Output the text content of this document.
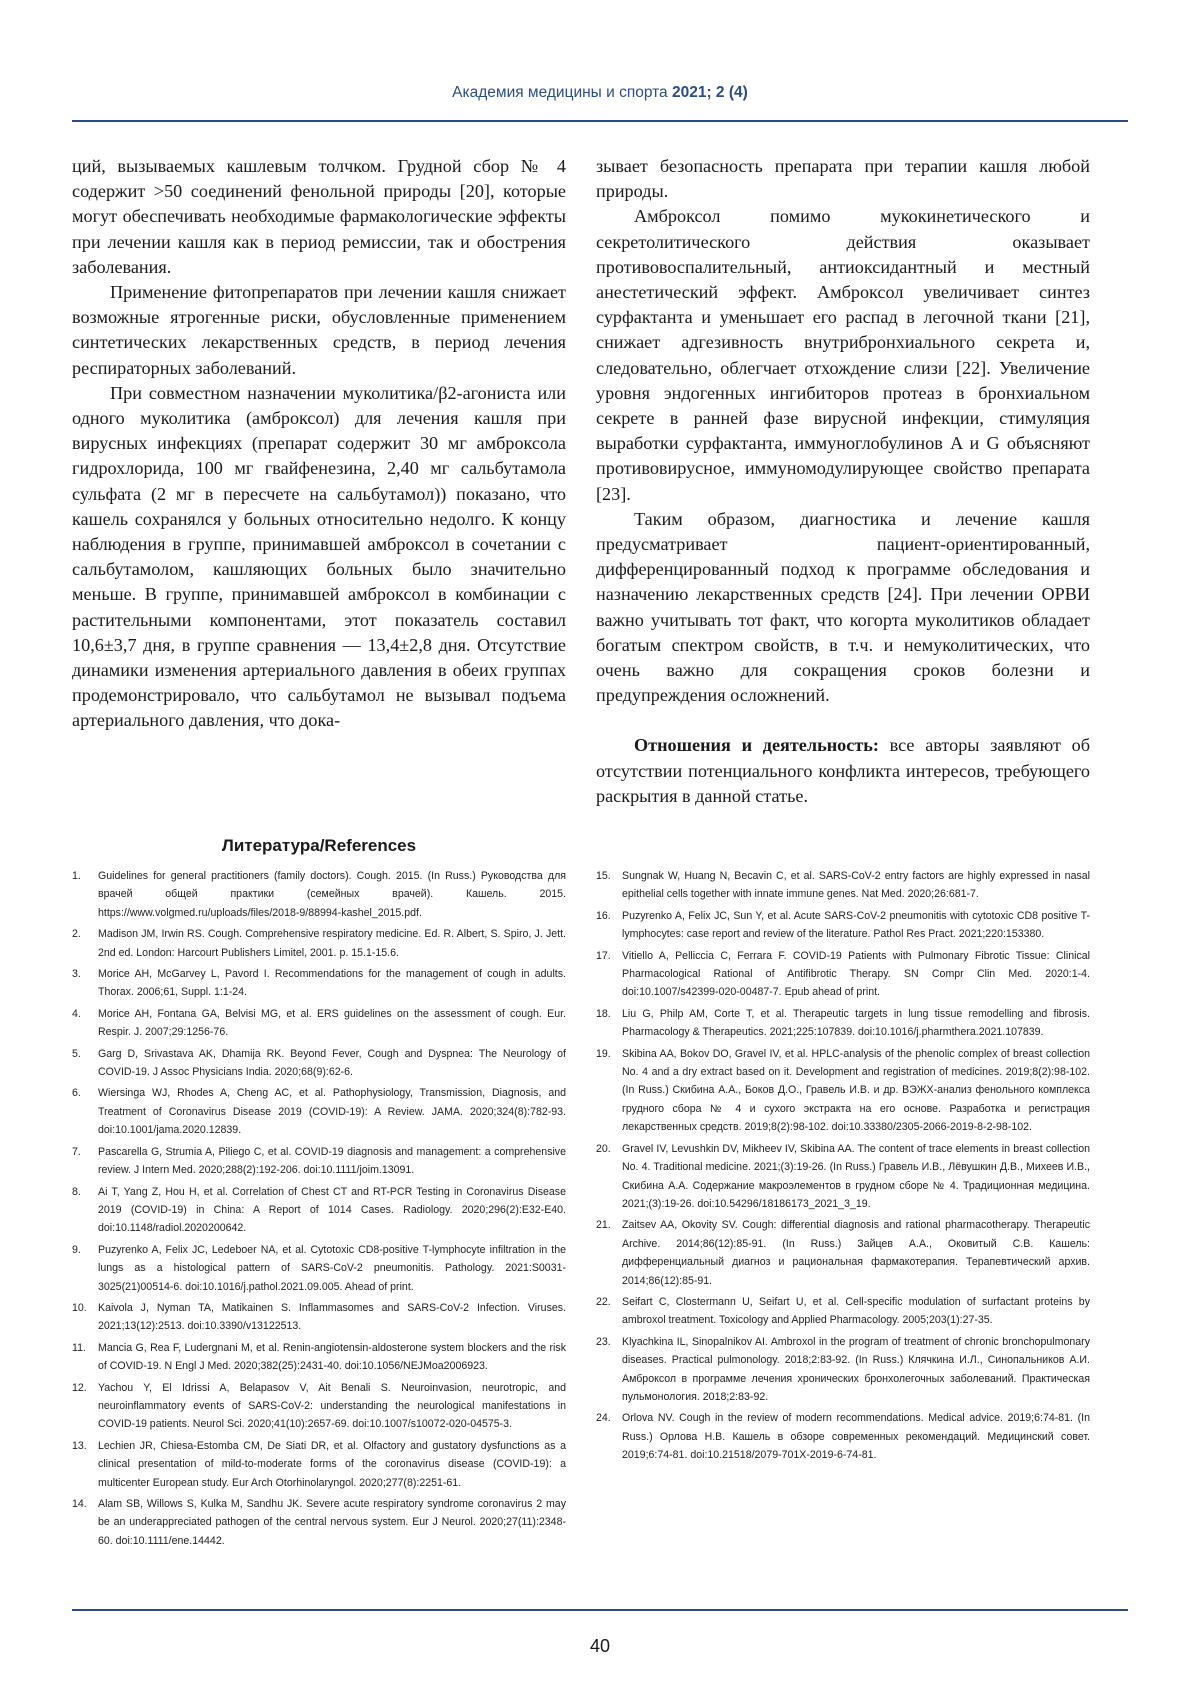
Академия медицины и спорта 2021; 2 (4)

ций, вызываемых кашлевым толчком. Грудной сбор № 4 содержит >50 соединений фенольной природы [20], которые могут обеспечивать необходимые фармакологические эффекты при лечении кашля как в период ремиссии, так и обострения заболевания.

Применение фитопрепаратов при лечении кашля снижает возможные ятрогенные риски, обусловленные применением синтетических лекарственных средств, в период лечения респираторных заболеваний.

При совместном назначении муколитика/β2-агониста или одного муколитика (амброксол) для лечения кашля при вирусных инфекциях (препарат содержит 30 мг амброксола гидрохлорида, 100 мг гвайфенезина, 2,40 мг сальбутамола сульфата (2 мг в пересчете на сальбутамол)) показано, что кашель сохранялся у больных относительно недолго. К концу наблюдения в группе, принимавшей амброксол в сочетании с сальбутамолом, кашляющих больных было значительно меньше. В группе, принимавшей амброксол в комбинации с растительными компонентами, этот показатель составил 10,6±3,7 дня, в группе сравнения — 13,4±2,8 дня. Отсутствие динамики изменения артериального давления в обеих группах продемонстрировало, что сальбутамол не вызывал подъема артериального давления, что дока-

зывает безопасность препарата при терапии кашля любой природы.

Амброксол помимо мукокинетического и секретолитического действия оказывает противовоспалительный, антиоксидантный и местный анестетический эффект. Амброксол увеличивает синтез сурфактанта и уменьшает его распад в легочной ткани [21], снижает адгезивность внутрибронхиального секрета и, следовательно, облегчает отхождение слизи [22]. Увеличение уровня эндогенных ингибиторов протеаз в бронхиальном секрете в ранней фазе вирусной инфекции, стимуляция выработки сурфактанта, иммуноглобулинов A и G объясняют противовирусное, иммуномодулирующее свойство препарата [23].

Таким образом, диагностика и лечение кашля предусматривает пациент-ориентированный, дифференцированный подход к программе обследования и назначению лекарственных средств [24]. При лечении ОРВИ важно учитывать тот факт, что когорта муколитиков обладает богатым спектром свойств, в т.ч. и немуколитических, что очень важно для сокращения сроков болезни и предупреждения осложнений.

Отношения и деятельность: все авторы заявляют об отсутствии потенциального конфликта интересов, требующего раскрытия в данной статье.

Литература/References
1.	Guidelines for general practitioners (family doctors). Cough. 2015. (In Russ.) Руководства для врачей общей практики (семейных врачей). Кашель. 2015. https://www.volgmed.ru/uploads/files/2018-9/88994-kashel_2015.pdf.
2.	Madison JM, Irwin RS. Cough. Comprehensive respiratory medicine. Ed. R. Albert, S. Spiro, J. Jett. 2nd ed. London: Harcourt Publishers Limitel, 2001. p. 15.1-15.6.
3.	Morice AH, McGarvey L, Pavord I. Recommendations for the management of cough in adults. Thorax. 2006;61, Suppl. 1:1-24.
4.	Morice AH, Fontana GA, Belvisi MG, et al. ERS guidelines on the assessment of cough. Eur. Respir. J. 2007;29:1256-76.
5.	Garg D, Srivastava AK, Dhamija RK. Beyond Fever, Cough and Dyspnea: The Neurology of COVID-19. J Assoc Physicians India. 2020;68(9):62-6.
6.	Wiersinga WJ, Rhodes A, Cheng AC, et al. Pathophysiology, Transmission, Diagnosis, and Treatment of Coronavirus Disease 2019 (COVID-19): A Review. JAMA. 2020;324(8):782-93. doi:10.1001/jama.2020.12839.
7.	Pascarella G, Strumia A, Piliego C, et al. COVID-19 diagnosis and management: a comprehensive review. J Intern Med. 2020;288(2):192-206. doi:10.1111/joim.13091.
8.	Ai T, Yang Z, Hou H, et al. Correlation of Chest CT and RT-PCR Testing in Coronavirus Disease 2019 (COVID-19) in China: A Report of 1014 Cases. Radiology. 2020;296(2):E32-E40. doi:10.1148/radiol.2020200642.
9.	Puzyrenko A, Felix JC, Ledeboer NA, et al. Cytotoxic CD8-positive T-lymphocyte infiltration in the lungs as a histological pattern of SARS-CoV-2 pneumonitis. Pathology. 2021:S0031-3025(21)00514-6. doi:10.1016/j.pathol.2021.09.005. Ahead of print.
10.	Kaivola J, Nyman TA, Matikainen S. Inflammasomes and SARS-CoV-2 Infection. Viruses. 2021;13(12):2513. doi:10.3390/v13122513.
11.	Mancia G, Rea F, Ludergnani M, et al. Renin-angiotensin-aldosterone system blockers and the risk of COVID-19. N Engl J Med. 2020;382(25):2431-40. doi:10.1056/NEJMoa2006923.
12.	Yachou Y, El Idrissi A, Belapasov V, Ait Benali S. Neuroinvasion, neurotropic, and neuroinflammatory events of SARS-CoV-2: understanding the neurological manifestations in COVID-19 patients. Neurol Sci. 2020;41(10):2657-69. doi:10.1007/s10072-020-04575-3.
13.	Lechien JR, Chiesa-Estomba CM, De Siati DR, et al. Olfactory and gustatory dysfunctions as a clinical presentation of mild-to-moderate forms of the coronavirus disease (COVID-19): a multicenter European study. Eur Arch Otorhinolaryngol. 2020;277(8):2251-61.
14.	Alam SB, Willows S, Kulka M, Sandhu JK. Severe acute respiratory syndrome coronavirus 2 may be an underappreciated pathogen of the central nervous system. Eur J Neurol. 2020;27(11):2348-60. doi:10.1111/ene.14442.
15.	Sungnak W, Huang N, Becavin C, et al. SARS-CoV-2 entry factors are highly expressed in nasal epithelial cells together with innate immune genes. Nat Med. 2020;26:681-7.
16.	Puzyrenko A, Felix JC, Sun Y, et al. Acute SARS-CoV-2 pneumonitis with cytotoxic CD8 positive T-lymphocytes: case report and review of the literature. Pathol Res Pract. 2021;220:153380.
17.	Vitiello A, Pelliccia C, Ferrara F. COVID-19 Patients with Pulmonary Fibrotic Tissue: Clinical Pharmacological Rational of Antifibrotic Therapy. SN Compr Clin Med. 2020:1-4. doi:10.1007/s42399-020-00487-7. Epub ahead of print.
18.	Liu G, Philp AM, Corte T, et al. Therapeutic targets in lung tissue remodelling and fibrosis. Pharmacology & Therapeutics. 2021;225:107839. doi:10.1016/j.pharmthera.2021.107839.
19.	Skibina AA, Bokov DO, Gravel IV, et al. HPLC-analysis of the phenolic complex of breast collection No. 4 and a dry extract based on it. Development and registration of medicines. 2019;8(2):98-102. (In Russ.) Скибина А.А., Боков Д.О., Гравель И.В. и др. ВЭЖХ-анализ фенольного комплекса грудного сбора № 4 и сухого экстракта на его основе. Разработка и регистрация лекарственных средств. 2019;8(2):98-102. doi:10.33380/2305-2066-2019-8-2-98-102.
20.	Gravel IV, Levushkin DV, Mikheev IV, Skibina AA. The content of trace elements in breast collection No. 4. Traditional medicine. 2021;(3):19-26. (In Russ.) Гравель И.В., Лёвушкин Д.В., Михеев И.В., Скибина А.А. Содержание макроэлементов в грудном сборе № 4. Традиционная медицина. 2021;(3):19-26. doi:10.54296/18186173_2021_3_19.
21.	Zaitsev AA, Okovity SV. Cough: differential diagnosis and rational pharmacotherapy. Therapeutic Archive. 2014;86(12):85-91. (In Russ.) Зайцев А.А., Оковитый С.В. Кашель: дифференциальный диагноз и рациональная фармакотерапия. Терапевтический архив. 2014;86(12):85-91.
22.	Seifart C, Clostermann U, Seifart U, et al. Cell-specific modulation of surfactant proteins by ambroxol treatment. Toxicology and Applied Pharmacology. 2005;203(1):27-35.
23.	Klyachkina IL, Sinopalnikov AI. Ambroxol in the program of treatment of chronic bronchopulmonary diseases. Practical pulmonology. 2018;2:83-92. (In Russ.) Клячкина И.Л., Синопальников А.И. Амброксол в программе лечения хронических бронхолегочных заболеваний. Практическая пульмонология. 2018;2:83-92.
24.	Orlova NV. Cough in the review of modern recommendations. Medical advice. 2019;6:74-81. (In Russ.) Орлова Н.В. Кашель в обзоре современных рекомендаций. Медицинский совет. 2019;6:74-81. doi:10.21518/2079-701X-2019-6-74-81.
40
